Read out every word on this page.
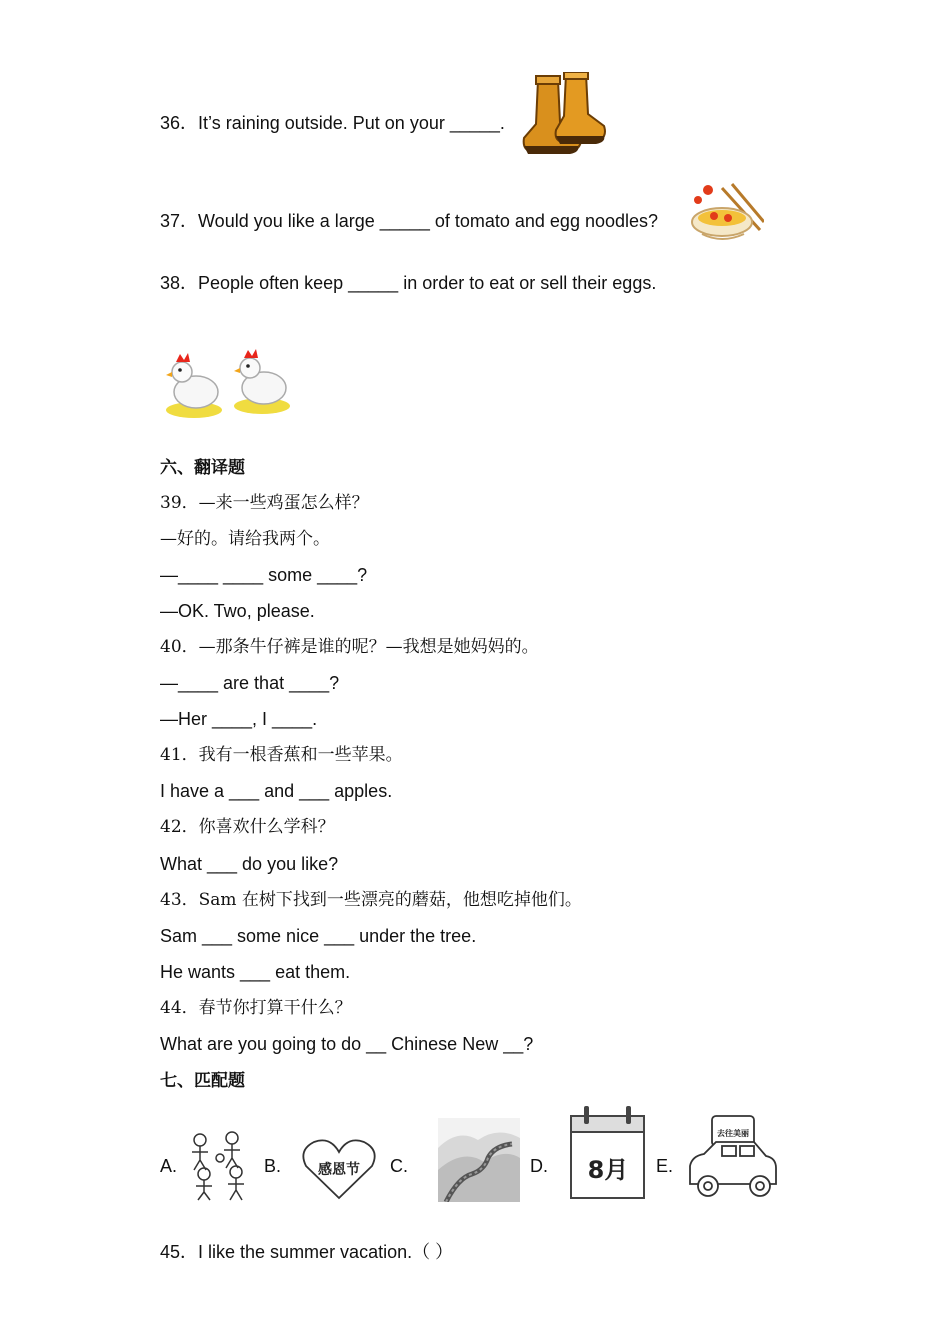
36．It’s raining outside. Put on your _____.
37．Would you like a large _____ of tomato and egg noodles?
38．People often keep _____ in order to eat or sell their eggs.
六、翻译题
39．—来一些鸡蛋怎么样？
—好的。请给我两个。
—____ ____ some ____?
—OK. Two, please.
40．—那条牛仔裤是谁的呢？—我想是她妈妈的。
—____ are that ____?
—Her ____, I ____.
41．我有一根香蕉和一些苹果。
I have a ___ and ___ apples.
42．你喜欢什么学科？
What ___ do you like?
43．Sam 在树下找到一些漂亮的蘑菇，他想吃掉他们。
Sam ___ some nice ___ under the tree.
He wants ___ eat them.
44．春节你打算干什么？
What are you going to do __ Chinese New __?
七、匹配题
A.	B.	感恩节 C.	D. 8月 E.
去往美丽
45．I like the summer vacation.（ ）
